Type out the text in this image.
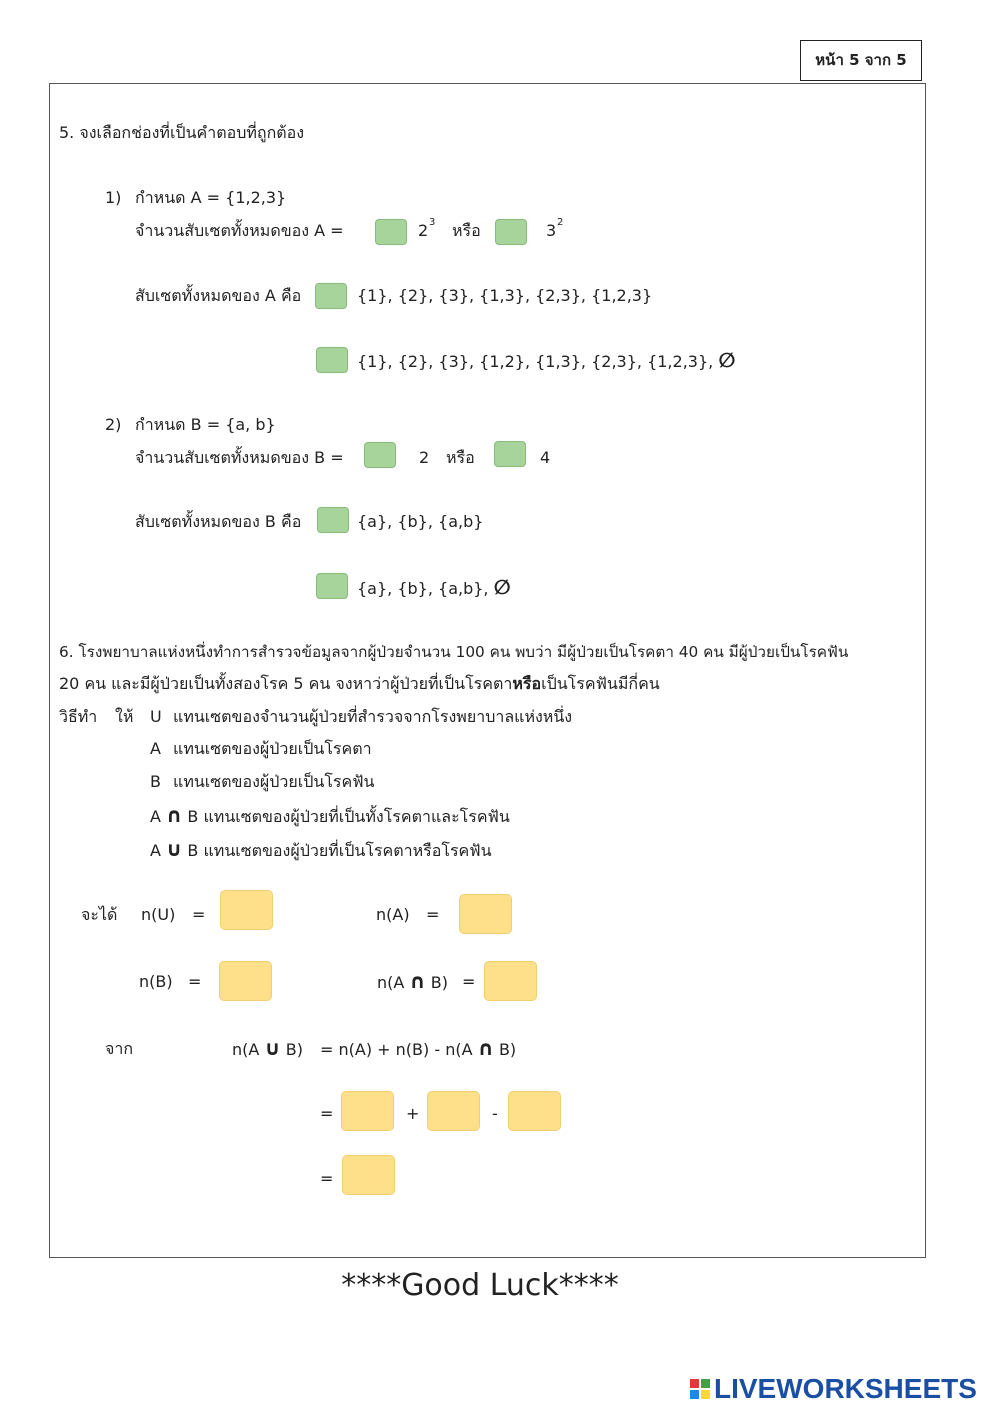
หน้า 5 จาก 5
5. จงเลือกช่องที่เป็นคำตอบที่ถูกต้อง
1) กำหนด A = {1,2,3}
จำนวนสับเซตทั้งหมดของ A =	2 3 หรือ	3 2
สับเซตทั้งหมดของ A คือ	{1}, {2}, {3}, {1,3}, {2,3}, {1,2,3}
{1}, {2}, {3}, {1,2}, {1,3}, {2,3}, {1,2,3}, ∅
2) กำหนด B = {a, b}
จำนวนสับเซตทั้งหมดของ B =	2 หรือ	4
สับเซตทั้งหมดของ B คือ	{a}, {b}, {a,b}
{a}, {b}, {a,b}, ∅
6. โรงพยาบาลแห่งหนึ่งทำการสำรวจข้อมูลจากผู้ป่วยจำนวน 100 คน พบว่า มีผู้ป่วยเป็นโรคตา 40 คน มีผู้ป่วยเป็นโรคฟัน
20 คน และมีผู้ป่วยเป็นทั้งสองโรค 5 คน จงหาว่าผู้ป่วยที่เป็นโรคตาหรือเป็นโรคฟันมีกี่คน
วิธีทำ ให้ U แทนเซตของจำนวนผู้ป่วยที่สำรวจจากโรงพยาบาลแห่งหนึ่ง
A แทนเซตของผู้ป่วยเป็นโรคตา
B แทนเซตของผู้ป่วยเป็นโรคฟัน
A ∩ B แทนเซตของผู้ป่วยที่เป็นทั้งโรคตาและโรคฟัน
A ∪ B แทนเซตของผู้ป่วยที่เป็นโรคตาหรือโรคฟัน
จะได้ n(U) =	n(A) =
n(B) =	n(A ∩ B) =
จาก	n(A ∪ B) = n(A) + n(B) - n(A ∩ B)
=	+	-
=
****Good Luck****
LIVEWORKSHEETS
